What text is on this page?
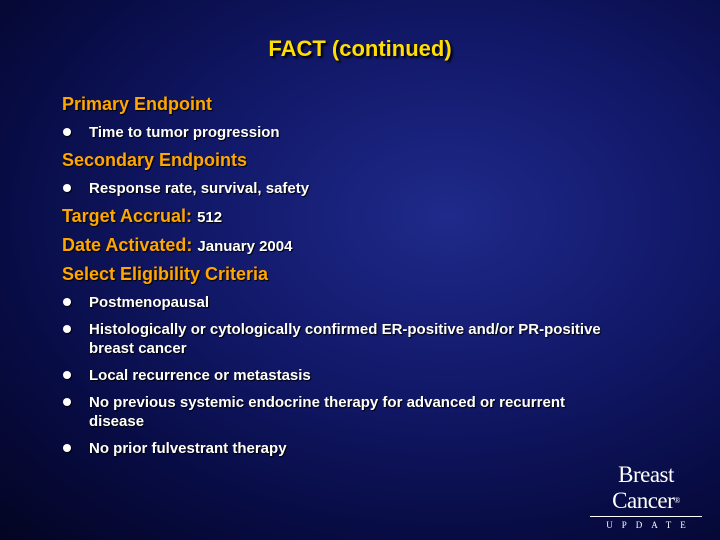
FACT (continued)
Primary Endpoint
Time to tumor progression
Secondary Endpoints
Response rate, survival, safety
Target Accrual: 512
Date Activated: January 2004
Select Eligibility Criteria
Postmenopausal
Histologically or cytologically confirmed ER-positive and/or PR-positive breast cancer
Local recurrence or metastasis
No previous systemic endocrine therapy for advanced or recurrent disease
No prior fulvestrant therapy
Breast Cancer®
UPDATE
